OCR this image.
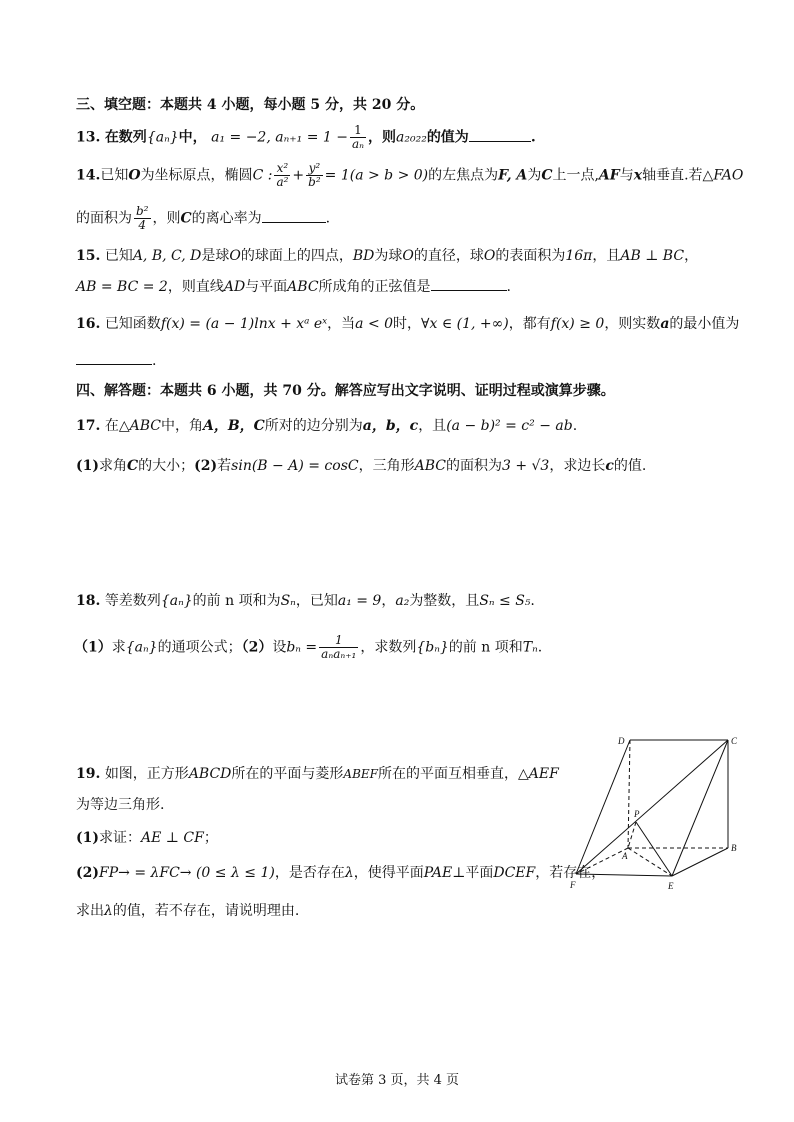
三、填空题：本题共 4 小题，每小题 5 分，共 20 分。
13. 在数列{aₙ}中， a₁ = −2, $a_{n+1} = 1 - \frac{1}{\text{aₙ}}$ ，则a₂₀₂₂的值为	.
14.已知O为坐标原点，椭圆C : $\frac{\text{x²}}{\text{a²}} + \frac{\text{y²}}{\text{b²}} = 1(a > b > 0)$的左焦点为F, A为C上一点,AF与x轴垂直.若△FAO
的面积为 $\frac{\text{b²}}{4}$ ，则C的离心率为	.
15. 已知A, B, C, D是球O的球面上的四点，BD为球O的直径，球O的表面积为16π，且AB ⊥ BC，
AB = BC = 2，则直线AD与平面ABC所成角的正弦值是	.
16. 已知函数f(x) = (a − 1)lnx + xᵃ eˣ，当a < 0时，∀x ∈ (1, +∞)，都有f(x) ≥ 0，则实数a的最小值为
.
四、解答题：本题共 6 小题，共 70 分。解答应写出文字说明、证明过程或演算步骤。
17. 在△ABC中，角A，B，C所对的边分别为a，b，c，且(a − b)² = c² − ab.
(1)求角C的大小；(2)若sin(B − A) = cosC，三角形ABC的面积为3 + √3，求边长c的值.
18. 等差数列{aₙ}的前 n 项和为Sₙ，已知a₁ = 9，a₂为整数，且Sₙ ≤ S₅.
（1）求{aₙ}的通项公式；（2）设$b_n = \frac{1}{\text{aₙaₙ₊₁}}$ ，求数列{bₙ}的前 n 项和Tₙ.
19. 如图，正方形ABCD所在的平面与菱形ABEF所在的平面互相垂直，△AEF
为等边三角形.
(1)求证：AE ⊥ CF；
(2)FP→ = λFC→ (0 ≤ λ ≤ 1)，是否存在λ，使得平面PAE⊥平面DCEF，若存在，
求出λ的值，若不存在，请说明理由.
D	C
P
A
B
F	E
试卷第 3 页，共 4 页
